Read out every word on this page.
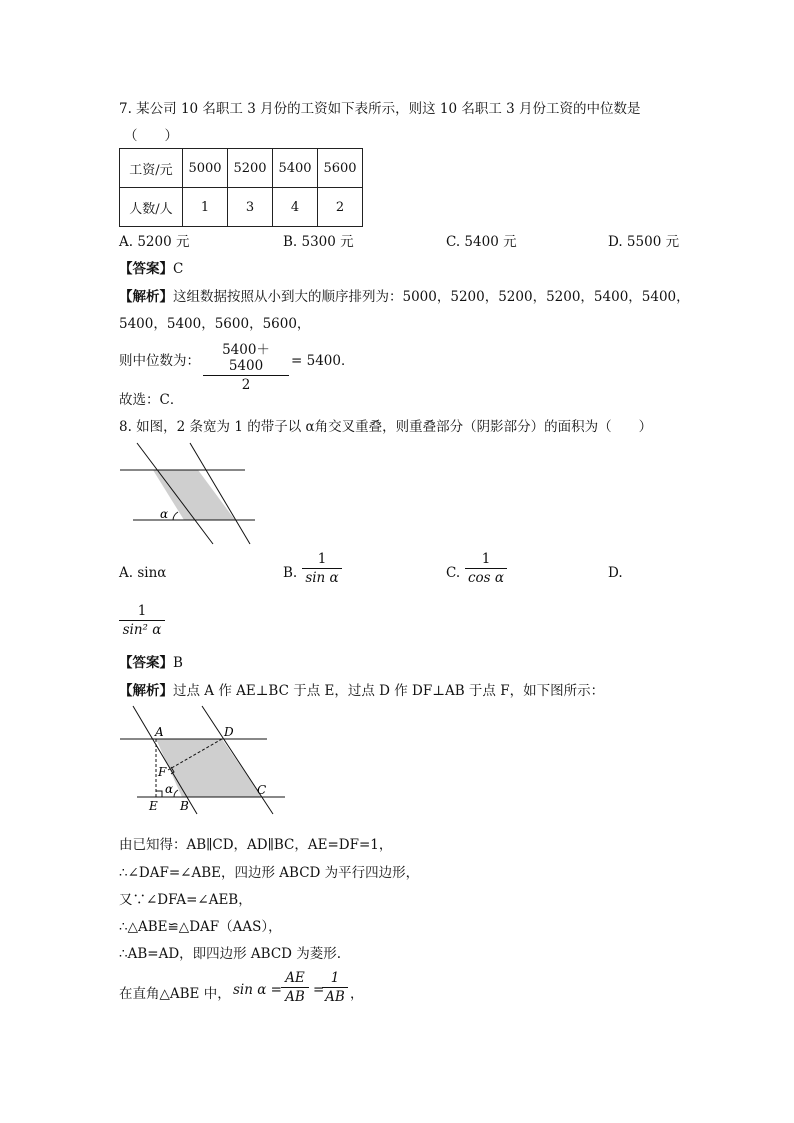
7. 某公司 10 名职工 3 月份的工资如下表所示，则这 10 名职工 3 月份工资的中位数是
（　　）
工资/元	5000	5200	5400	5600
人数/人	1	3	4	2
A. 5200 元	B. 5300 元	C. 5400 元	D. 5500 元
【答案】C
【解析】这组数据按照从小到大的顺序排列为：5000，5200，5200，5200，5400，5400，
5400，5400，5600，5600，
则中位数为： $\frac{5400+5400}{2} = 5400$．
故选：C．
8. 如图，2 条宽为 1 的带子以 α角交叉重叠，则重叠部分（阴影部分）的面积为（　　）
α
A. sinα	B. $\frac{1}{\text{sin α}}$	C.	D.
$\frac{1}{\text{cos α}}$
$\frac{1}{\text{sin² α}}$
【答案】B
【解析】过点 A 作 AE⊥BC 于点 E，过点 D 作 DF⊥AB 于点 F，如下图所示：
A	D
F
α
E B
C
由已知得：AB∥CD，AD∥BC，AE=DF=1，
∴∠DAF=∠ABE，四边形 ABCD 为平行四边形，
又∵∠DFA=∠AEB，
∴△ABE≌△DAF（AAS），
∴AB=AD，即四边形 ABCD 为菱形.
在直角△ABE 中， $\sin \alpha = \frac{AE}{AB}$ =
$\frac{1}{AB}$ ，
